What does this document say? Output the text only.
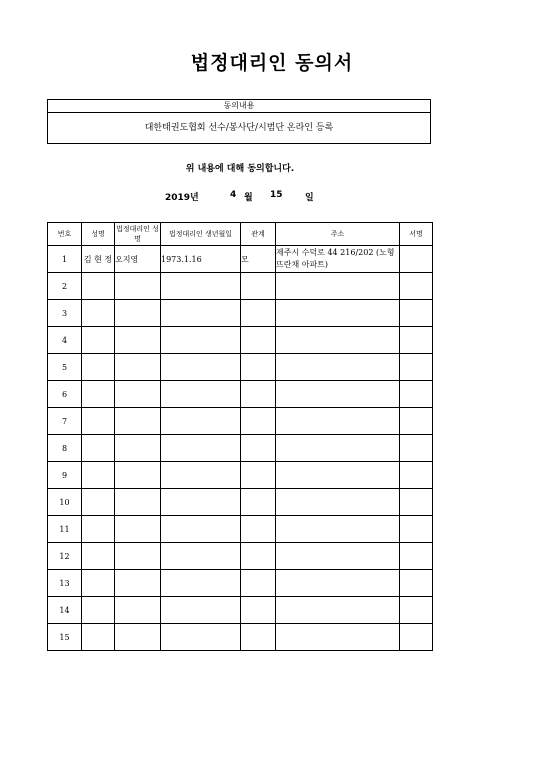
법정대리인 동의서
동의내용
대한태권도협회 선수/봉사단/시범단 온라인 등록
위 내용에 대해 동의합니다.
2019년	4 월 15 일
번호	성명	법정대리인 성명	법정대리인 생년월일	관계	주소	서명
1	김 현 정	오지영	1973.1.16	모	제주시 수덕로 44 216/202 (노형뜨란채 아파트)	
2						
3						
4						
5						
6						
7						
8						
9						
10						
11						
12						
13						
14						
15						
